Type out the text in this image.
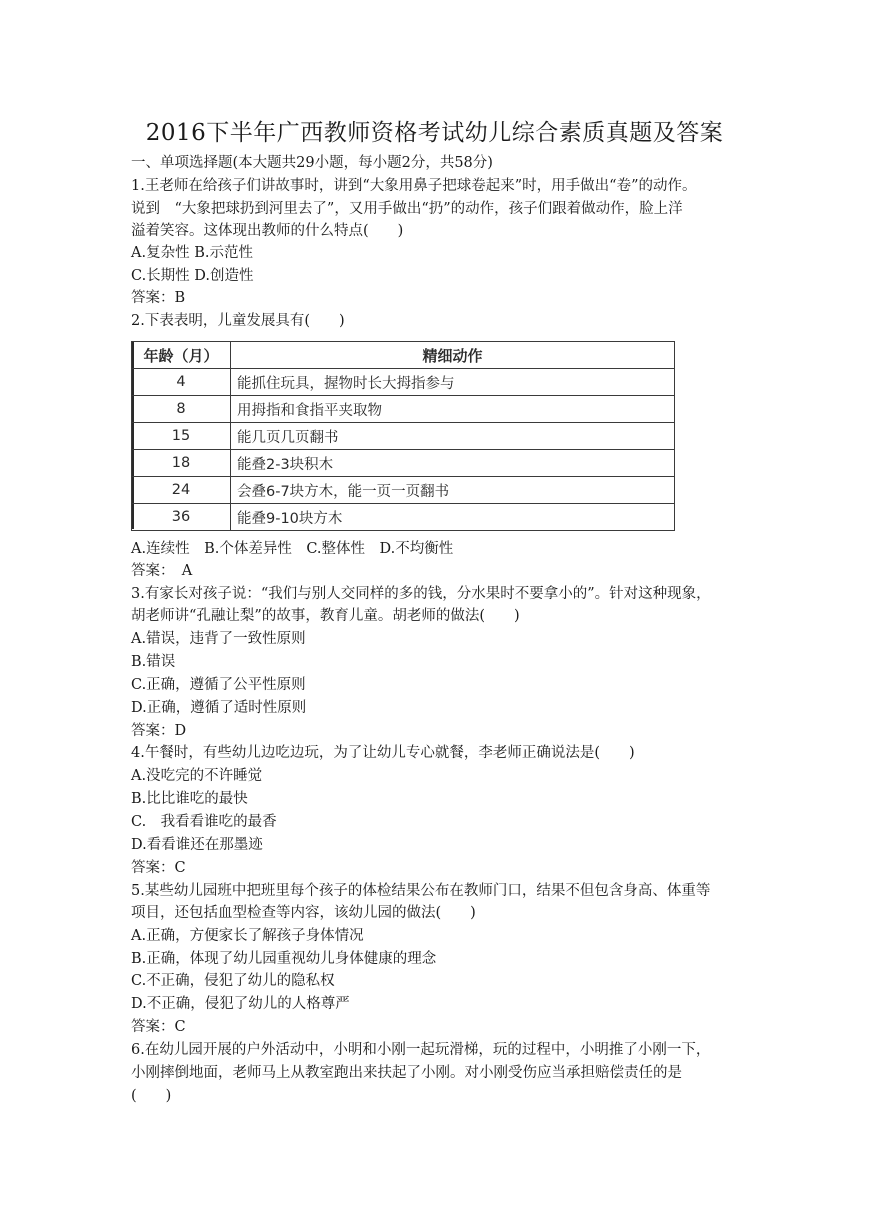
2016下半年广西教师资格考试幼儿综合素质真题及答案
一、单项选择题(本大题共29小题，每小题2分，共58分)
1.王老师在给孩子们讲故事时，讲到“大象用鼻子把球卷起来”时，用手做出“卷”的动作。
说到　“大象把球扔到河里去了”，又用手做出“扔”的动作，孩子们跟着做动作，脸上洋
溢着笑容。这体现出教师的什么特点(　　)
A.复杂性 B.示范性
C.长期性 D.创造性
答案：B
2.下表表明，儿童发展具有(　　)
年龄（月）	精细动作
4	能抓住玩具，握物时长大拇指参与
8	用拇指和食指平夹取物
15	能几页几页翻书
18	能叠2-3块积木
24	会叠6-7块方木，能一页一页翻书
36	能叠9-10块方木
A.连续性　B.个体差异性　C.整体性　D.不均衡性
答案：　A
3.有家长对孩子说：“我们与别人交同样的多的钱，分水果时不要拿小的”。针对这种现象，
胡老师讲“孔融让梨”的故事，教育儿童。胡老师的做法(　　)
A.错误，违背了一致性原则
B.错误
C.正确，遵循了公平性原则
D.正确，遵循了适时性原则
答案：D
4.午餐时，有些幼儿边吃边玩，为了让幼儿专心就餐，李老师正确说法是(　　)
A.没吃完的不许睡觉
B.比比谁吃的最快
C.　我看看谁吃的最香
D.看看谁还在那墨迹
答案：C
5.某些幼儿园班中把班里每个孩子的体检结果公布在教师门口，结果不但包含身高、体重等
项目，还包括血型检查等内容，该幼儿园的做法(　　)
A.正确，方便家长了解孩子身体情况
B.正确，体现了幼儿园重视幼儿身体健康的理念
C.不正确，侵犯了幼儿的隐私权
D.不正确，侵犯了幼儿的人格尊严
答案：C
6.在幼儿园开展的户外活动中，小明和小刚一起玩滑梯，玩的过程中，小明推了小刚一下，
小刚摔倒地面，老师马上从教室跑出来扶起了小刚。对小刚受伤应当承担赔偿责任的是
(　　)
